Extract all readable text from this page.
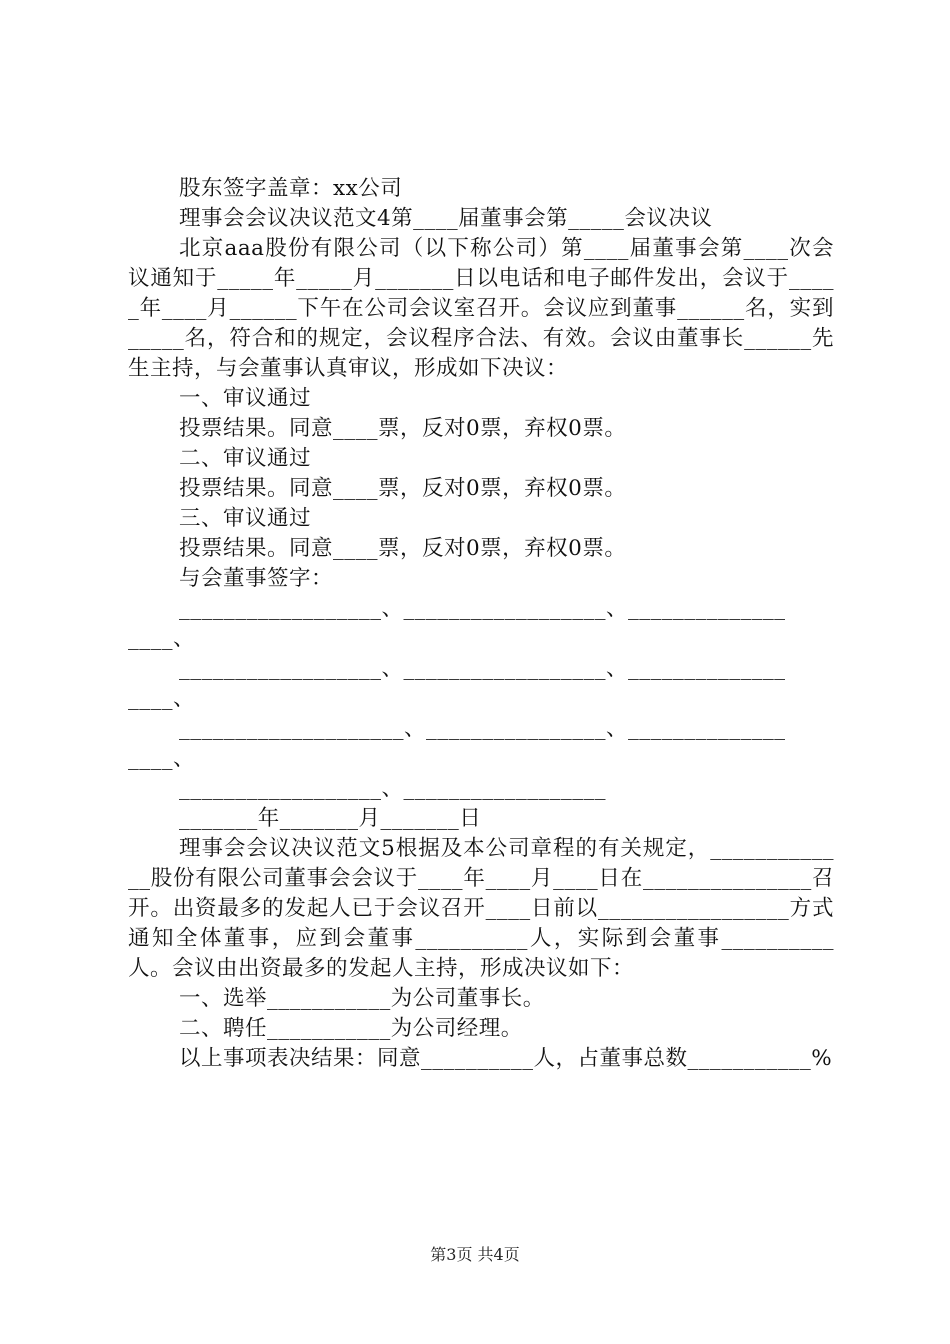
股东签字盖章：xx公司

理事会会议决议范文4第____届董事会第_____会议决议

北京aaa股份有限公司（以下称公司）第____届董事会第____次会议通知于_____年_____月_______日以电话和电子邮件发出，会议于_____年____月______下午在公司会议室召开。会议应到董事______名，实到_____名，符合和的规定，会议程序合法、有效。会议由董事长______先生主持，与会董事认真审议，形成如下决议：

一、审议通过

投票结果。同意____票，反对0票，弃权0票。

二、审议通过

投票结果。同意____票，反对0票，弃权0票。

三、审议通过

投票结果。同意____票，反对0票，弃权0票。

与会董事签字：

__________________、__________________、______________

____、

__________________、__________________、______________

____、

____________________、________________、______________

____、

__________________、__________________

_______年_______月_______日

理事会会议决议范文5根据及本公司章程的有关规定，_____________股份有限公司董事会会议于____年____月____日在_______________召开。出资最多的发起人已于会议召开____日前以_________________方式通知全体董事，应到会董事__________人，实际到会董事__________人。会议由出资最多的发起人主持，形成决议如下：

一、选举___________为公司董事长。

二、聘任___________为公司经理。

以上事项表决结果：同意__________人，占董事总数___________%

第3页 共4页
